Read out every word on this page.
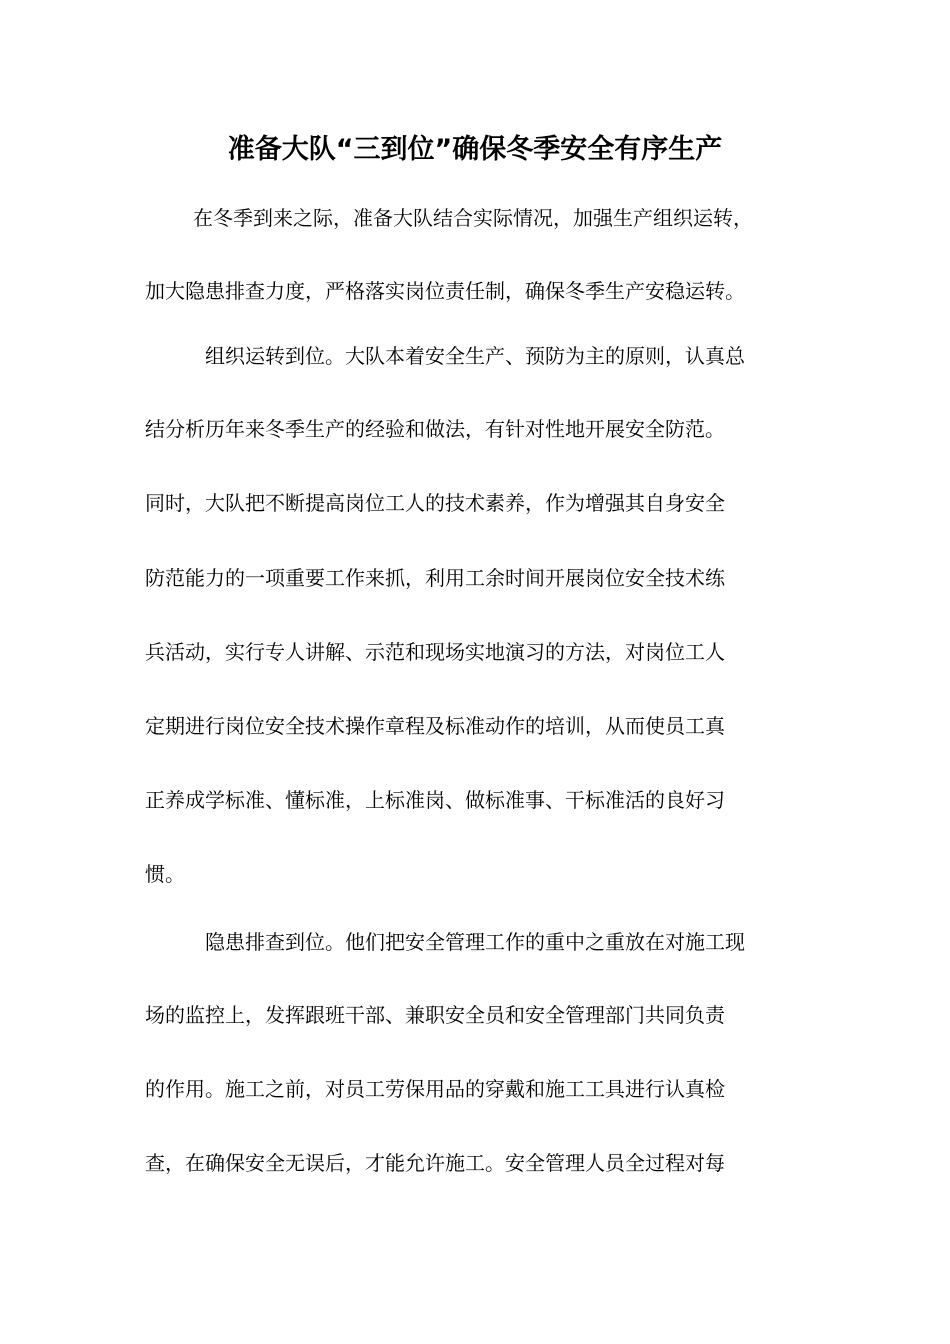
准备大队“三到位”确保冬季安全有序生产

在冬季到来之际，准备大队结合实际情况，加强生产组织运转，

加大隐患排查力度，严格落实岗位责任制，确保冬季生产安稳运转。

组织运转到位。大队本着安全生产、预防为主的原则，认真总

结分析历年来冬季生产的经验和做法，有针对性地开展安全防范。

同时，大队把不断提高岗位工人的技术素养，作为增强其自身安全

防范能力的一项重要工作来抓，利用工余时间开展岗位安全技术练

兵活动，实行专人讲解、示范和现场实地演习的方法，对岗位工人

定期进行岗位安全技术操作章程及标准动作的培训，从而使员工真

正养成学标准、懂标准，上标准岗、做标准事、干标准活的良好习

惯。

隐患排查到位。他们把安全管理工作的重中之重放在对施工现

场的监控上，发挥跟班干部、兼职安全员和安全管理部门共同负责

的作用。施工之前，对员工劳保用品的穿戴和施工工具进行认真检

查，在确保安全无误后，才能允许施工。安全管理人员全过程对每
